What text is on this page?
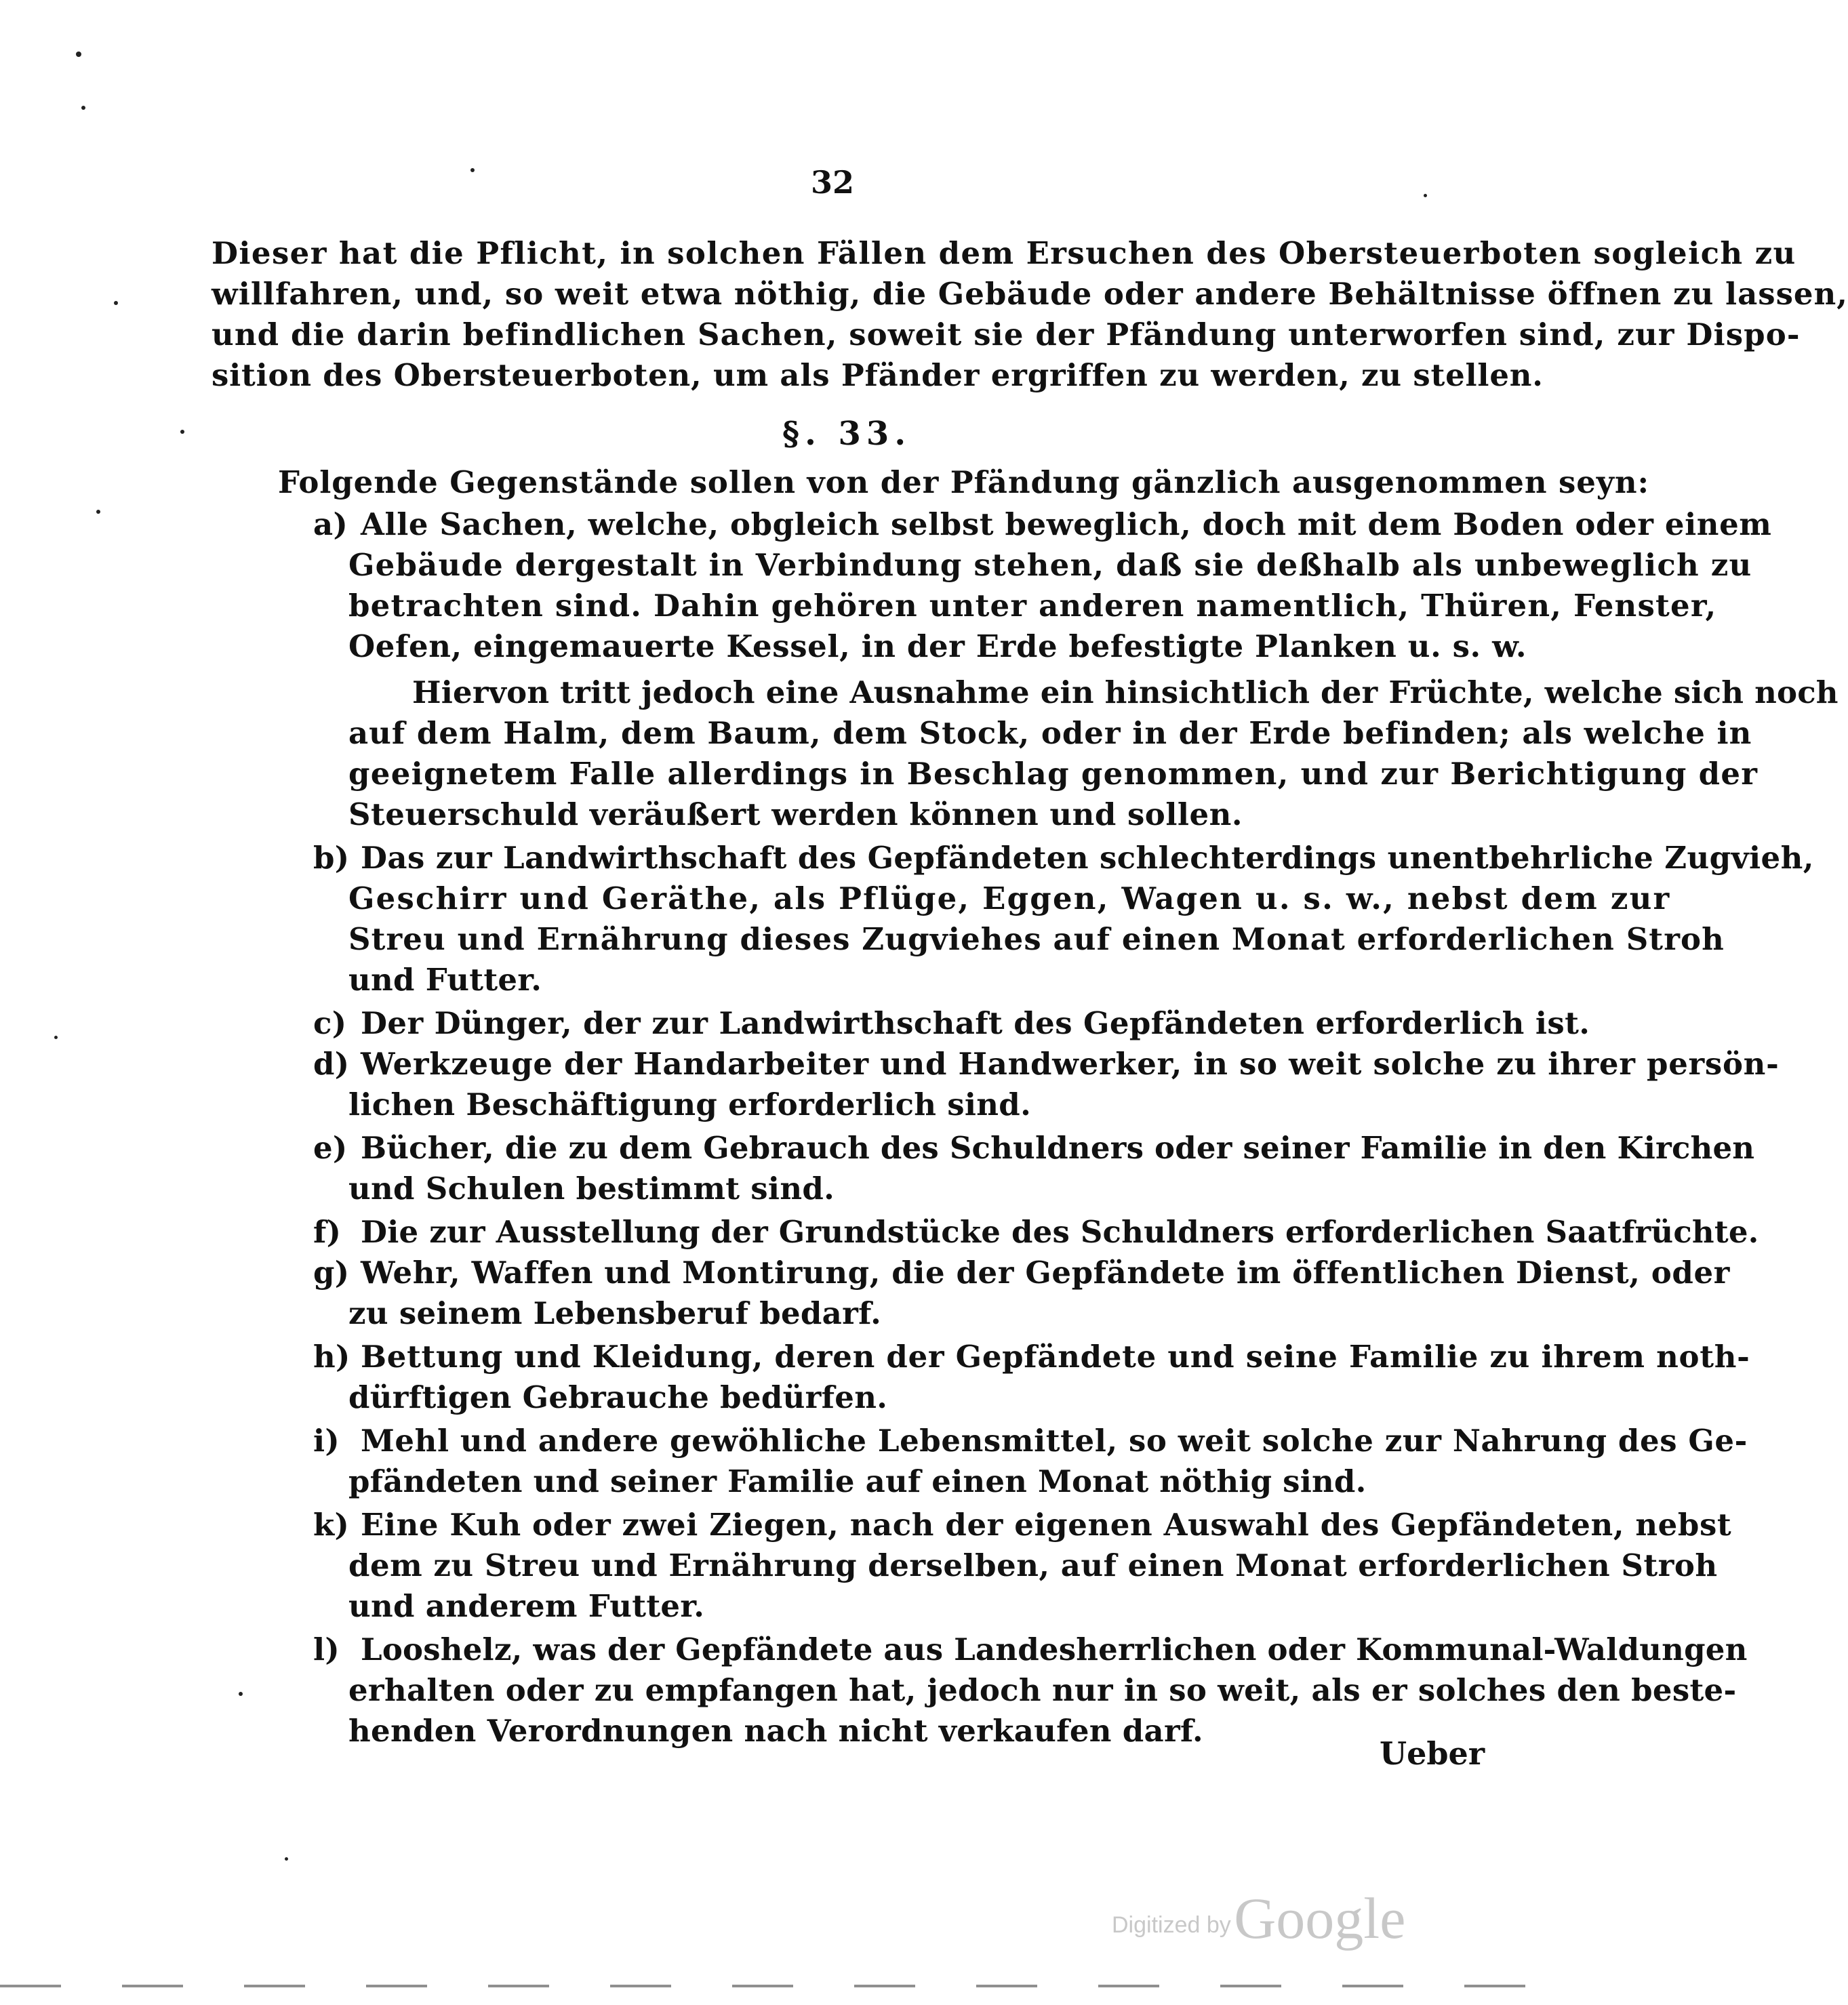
32
Dieser hat die Pflicht, in solchen Fällen dem Ersuchen des Obersteuerboten sogleich zu
willfahren, und, so weit etwa nöthig, die Gebäude oder andere Behältnisse öffnen zu lassen,
und die darin befindlichen Sachen, soweit sie der Pfändung unterworfen sind, zur Dispo-
sition des Obersteuerboten, um als Pfänder ergriffen zu werden, zu stellen.
§. 33.
Folgende Gegenstände sollen von der Pfändung gänzlich ausgenommen seyn:
a) Alle Sachen, welche, obgleich selbst beweglich, doch mit dem Boden oder einem
Gebäude dergestalt in Verbindung stehen, daß sie deßhalb als unbeweglich zu
betrachten sind. Dahin gehören unter anderen namentlich, Thüren, Fenster,
Oefen, eingemauerte Kessel, in der Erde befestigte Planken u. s. w.
Hiervon tritt jedoch eine Ausnahme ein hinsichtlich der Früchte, welche sich noch
auf dem Halm, dem Baum, dem Stock, oder in der Erde befinden; als welche in
geeignetem Falle allerdings in Beschlag genommen, und zur Berichtigung der
Steuerschuld veräußert werden können und sollen.
b) Das zur Landwirthschaft des Gepfändeten schlechterdings unentbehrliche Zugvieh,
Geschirr und Geräthe, als Pflüge, Eggen, Wagen u. s. w., nebst dem zur
Streu und Ernährung dieses Zugviehes auf einen Monat erforderlichen Stroh
und Futter.
c) Der Dünger, der zur Landwirthschaft des Gepfändeten erforderlich ist.
d) Werkzeuge der Handarbeiter und Handwerker, in so weit solche zu ihrer persön-
lichen Beschäftigung erforderlich sind.
e) Bücher, die zu dem Gebrauch des Schuldners oder seiner Familie in den Kirchen
und Schulen bestimmt sind.
f) Die zur Ausstellung der Grundstücke des Schuldners erforderlichen Saatfrüchte.
g) Wehr, Waffen und Montirung, die der Gepfändete im öffentlichen Dienst, oder
zu seinem Lebensberuf bedarf.
h) Bettung und Kleidung, deren der Gepfändete und seine Familie zu ihrem noth-
dürftigen Gebrauche bedürfen.
i) Mehl und andere gewöhliche Lebensmittel, so weit solche zur Nahrung des Ge-
pfändeten und seiner Familie auf einen Monat nöthig sind.
k) Eine Kuh oder zwei Ziegen, nach der eigenen Auswahl des Gepfändeten, nebst
dem zu Streu und Ernährung derselben, auf einen Monat erforderlichen Stroh
und anderem Futter.
l) Looshelz, was der Gepfändete aus Landesherrlichen oder Kommunal-Waldungen
erhalten oder zu empfangen hat, jedoch nur in so weit, als er solches den beste-
henden Verordnungen nach nicht verkaufen darf.
Ueber
Digitized by Google
